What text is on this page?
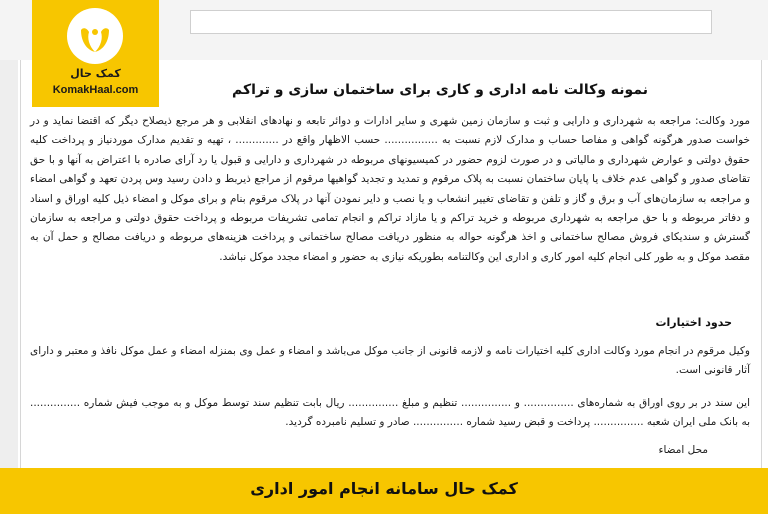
کمک حال
KomakHaal.com	نمونه وکالت نامه اداری و کاری برای ساختمان سازی و تراکم

مورد وکالت: مراجعه به شهرداری و دارایی و ثبت و سازمان زمین شهری و سایر ادارات و دوائر تابعه و نهادهای انقلابی و هر مرجع ذیصلاح دیگر که اقتضا نماید و در خواست صدور هرگونه گواهی و مفاصا حساب و مدارک لازم نسبت به ................ حسب الاظهار واقع در ............. ، تهیه و تقدیم مدارک موردنیاز و پرداخت کلیه حقوق دولتی و عوارض شهرداری و مالیاتی و در صورت لزوم حضور در کمیسیونهای مربوطه در شهرداری و دارایی و قبول یا رد آرای صادره با اعتراض به آنها و با حق تقاضای صدور و گواهی عدم خلاف یا پایان ساختمان نسبت به پلاک مرقوم و تمدید و تجدید گواهیها مرقوم از مراجع ذیربط و دادن رسید وس پردن تعهد و گواهی امضاء و مراجعه به سازمان‌های آب و برق و گاز و تلفن و تقاضای تغییر انشعاب و یا نصب و دایر نمودن آنها در پلاک مرقوم بنام و برای موکل و امضاء ذیل کلیه اوراق و اسناد و دفاتر مربوطه و با حق مراجعه به شهرداری مربوطه و خرید تراکم و یا مازاد تراکم و انجام تمامی تشریفات مربوطه و پرداخت حقوق دولتی و مراجعه به سازمان گسترش و سندیکای فروش مصالح ساختمانی و اخذ هرگونه حواله به منظور دریافت مصالح ساختمانی و پرداخت هزینه‌های مربوطه و دریافت مصالح و حمل آن به مقصد موکل و به طور کلی انجام کلیه امور کاری و اداری این وکالتنامه بطوریکه نیازی به حضور و امضاء مجدد موکل نباشد.

حدود اختیارات

وکیل مرقوم در انجام مورد وکالت اداری کلیه اختیارات نامه و لازمه قانونی از جانب موکل می‌باشد و امضاء و عمل وی بمنزله امضاء و عمل موکل نافذ و معتبر و دارای آثار قانونی است.

این سند در بر روی اوراق به شماره‌های ............... و ............... تنظیم و مبلغ ............... ریال بابت تنظیم سند توسط موکل و به موجب فیش شماره ............... به بانک ملی ایران شعبه ............... پرداخت و قبض رسید شماره ............... صادر و تسلیم نامبرده گردید.

محل امضاء
کمک حال سامانه انجام امور اداری
